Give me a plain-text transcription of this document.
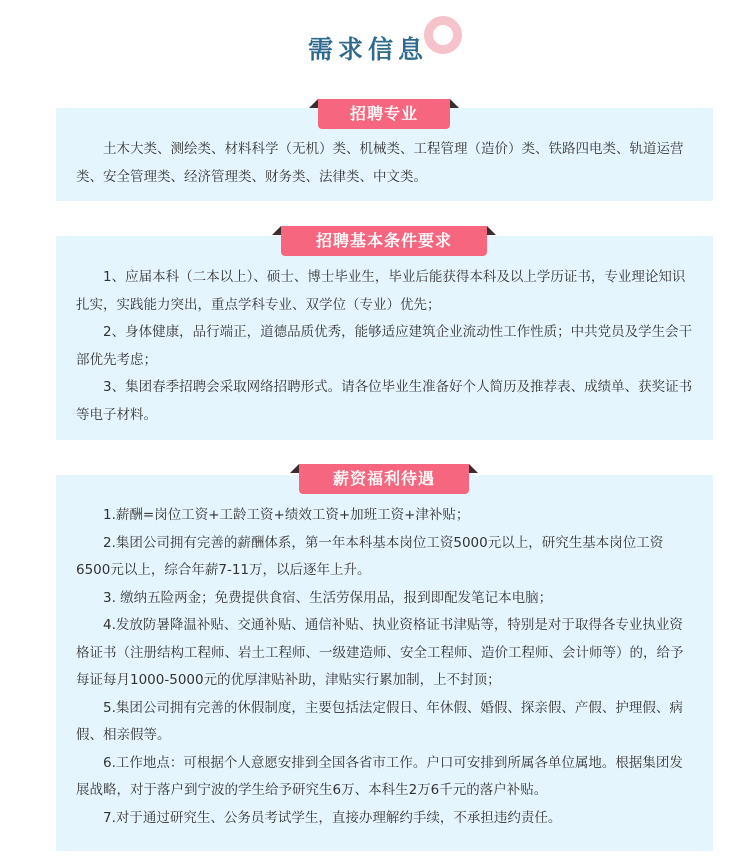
需求信息

土木大类、测绘类、材料科学（无机）类、机械类、工程管理（造价）类、铁路四电类、轨道运营类、安全管理类、经济管理类、财务类、法律类、中文类。

招聘专业

1、应届本科（二本以上）、硕士、博士毕业生，毕业后能获得本科及以上学历证书，专业理论知识扎实，实践能力突出，重点学科专业、双学位（专业）优先；

2、身体健康，品行端正，道德品质优秀，能够适应建筑企业流动性工作性质；中共党员及学生会干部优先考虑；

3、集团春季招聘会采取网络招聘形式。请各位毕业生准备好个人简历及推荐表、成绩单、获奖证书等电子材料。

招聘基本条件要求

1.薪酬=岗位工资+工龄工资+绩效工资+加班工资+津补贴；

2.集团公司拥有完善的薪酬体系，第一年本科基本岗位工资5000元以上，研究生基本岗位工资6500元以上，综合年薪7-11万，以后逐年上升。

3. 缴纳五险两金；免费提供食宿、生活劳保用品，报到即配发笔记本电脑；

4.发放防暑降温补贴、交通补贴、通信补贴、执业资格证书津贴等，特别是对于取得各专业执业资格证书（注册结构工程师、岩土工程师、一级建造师、安全工程师、造价工程师、会计师等）的，给予每证每月1000-5000元的优厚津贴补助，津贴实行累加制，上不封顶；

5.集团公司拥有完善的休假制度，主要包括法定假日、年休假、婚假、探亲假、产假、护理假、病假、相亲假等。

6.工作地点：可根据个人意愿安排到全国各省市工作。户口可安排到所属各单位属地。根据集团发展战略，对于落户到宁波的学生给予研究生6万、本科生2万6千元的落户补贴。

7.对于通过研究生、公务员考试学生，直接办理解约手续，不承担违约责任。

薪资福利待遇
